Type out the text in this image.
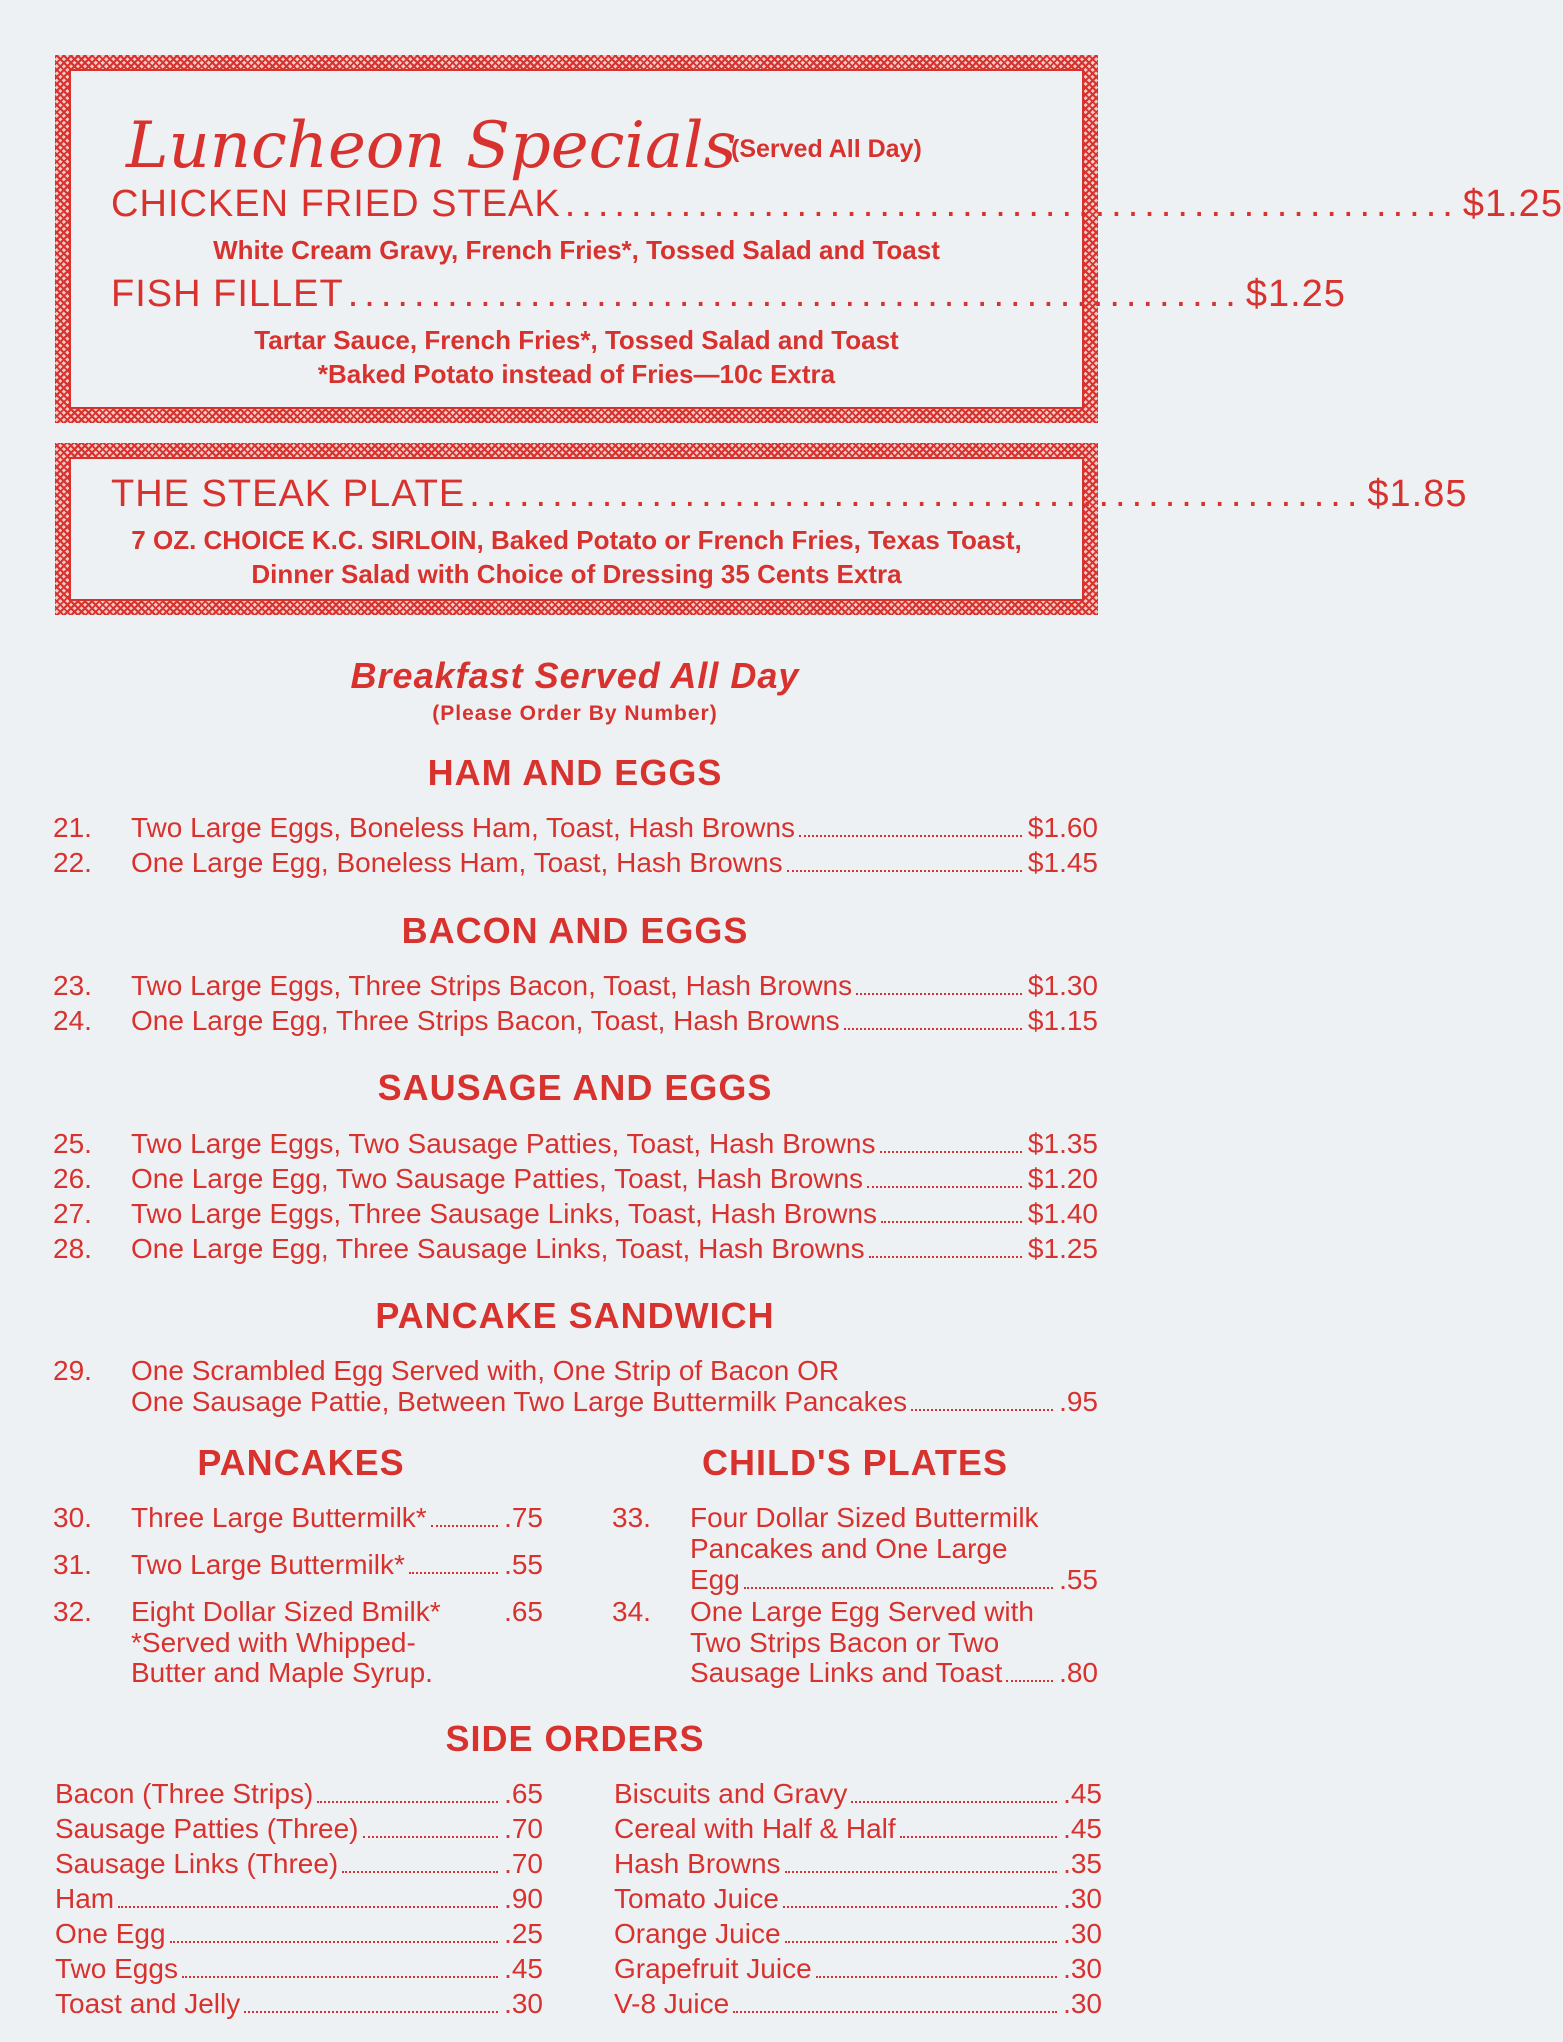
Luncheon Specials
(Served All Day)
CHICKEN FRIED STEAK ...................................................... $1.25
White Cream Gravy, French Fries*, Tossed Salad and Toast
FISH FILLET ...................................................... $1.25
Tartar Sauce, French Fries*, Tossed Salad and Toast
*Baked Potato instead of Fries—10c Extra
THE STEAK PLATE ...................................................... $1.85
7 OZ. CHOICE K.C. SIRLOIN, Baked Potato or French Fries, Texas Toast,
Dinner Salad with Choice of Dressing 35 Cents Extra
Breakfast Served All Day
(Please Order By Number)
HAM AND EGGS
21.	Two Large Eggs, Boneless Ham, Toast, Hash Browns	$1.60
22.	One Large Egg, Boneless Ham, Toast, Hash Browns	$1.45
BACON AND EGGS
23.	Two Large Eggs, Three Strips Bacon, Toast, Hash Browns	$1.30
24.	One Large Egg, Three Strips Bacon, Toast, Hash Browns	$1.15
SAUSAGE AND EGGS
25.	Two Large Eggs, Two Sausage Patties, Toast, Hash Browns	$1.35
26.	One Large Egg, Two Sausage Patties, Toast, Hash Browns	$1.20
27.	Two Large Eggs, Three Sausage Links, Toast, Hash Browns	$1.40
28.	One Large Egg, Three Sausage Links, Toast, Hash Browns	$1.25
PANCAKE SANDWICH
29.	One Scrambled Egg Served with, One Strip of Bacon OR
One Sausage Pattie, Between Two Large Buttermilk Pancakes	.95
PANCAKES
30.	Three Large Buttermilk*	.75
31.	Two Large Buttermilk*	.55
32.	Eight Dollar Sized Bmilk* .65
*Served with Whipped-
Butter and Maple Syrup.
CHILD'S PLATES
33. Four Dollar Sized Buttermilk
Pancakes and One Large
Egg	.55
34. One Large Egg Served with
Two Strips Bacon or Two
Sausage Links and Toast .80
SIDE ORDERS
Bacon (Three Strips)	.65
Sausage Patties (Three)	.70
Sausage Links (Three)	.70
Ham	.90
One Egg	.25
Two Eggs	.45
Toast and Jelly	.30
Biscuits and Gravy	.45
Cereal with Half & Half	.45
Hash Browns	.35
Tomato Juice	.30
Orange Juice	.30
Grapefruit Juice	.30
V-8 Juice	.30
